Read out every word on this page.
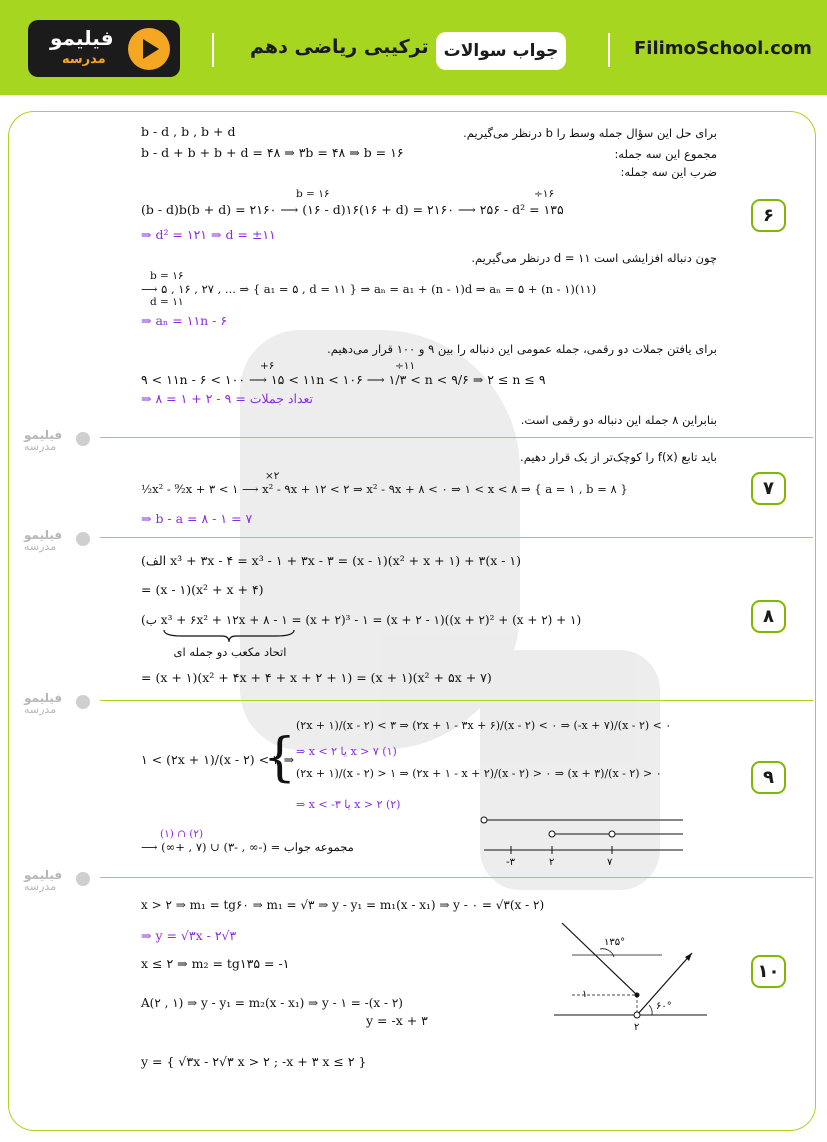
فیلیمو
مدرسه
ترکیبی ریاضی دهم جواب سوالات	FilimoSchool.com
فیلیمو
مدرسه
فیلیمو
مدرسه
فیلیمو
مدرسه
فیلیمو
مدرسه
۶
برای حل این سؤال جمله وسط را b درنظر می‌گیریم.
مجموع این سه جمله:
ضرب این سه جمله:
چون دنباله افزایشی است ۱۱ = d درنظر می‌گیریم.
برای یافتن جملات دو رقمی، جمله عمومی این دنباله را بین ۹ و ۱۰۰ قرار می‌دهیم.
بنابراین ۸ جمله این دنباله دو رقمی است.
b - d , b , b + d
b - d + b + b + d = ۴۸ ⇒ ۳b = ۴۸ ⇒ b = ۱۶
b = ۱۶	÷۱۶
(b - d)b(b + d) = ۲۱۶۰ ⟶ (۱۶ - d)۱۶(۱۶ + d) = ۲۱۶۰ ⟶ ۲۵۶ - d² = ۱۳۵
⇒ d² = ۱۲۱ ⇒ d = ±۱۱
b = ۱۶
d = ۱۱
⟶ ۵ , ۱۶ , ۲۷ , ... ⇒ { a₁ = ۵ , d = ۱۱ } ⇒ aₙ = a₁ + (n - ۱)d ⇒ aₙ = ۵ + (n - ۱)(۱۱)
⇒ aₙ = ۱۱n - ۶
+۶	÷۱۱
۹ < ۱۱n - ۶ < ۱۰۰ ⟶ ۱۵ < ۱۱n < ۱۰۶ ⟶ ۱/۳ < n < ۹/۶ ⇒ ۲ ≤ n ≤ ۹
⇒ تعداد جملات = ۹ - ۲ + ۱ = ۸
۷
باید تابع f(x) را کوچک‌تر از یک قرار دهیم.
×۲
½x² - ⁹⁄₂x + ۳ < ۱ ⟶ x² - ۹x + ۱۲ < ۲ ⇒ x² - ۹x + ۸ < ۰ ⇒ ۱ < x < ۸ ⇒ { a = ۱ , b = ۸ }
⇒ b - a = ۸ - ۱ = ۷
۸
(الف x³ + ۳x - ۴ = x³ - ۱ + ۳x - ۳ = (x - ۱)(x² + x + ۱) + ۳(x - ۱)
= (x - ۱)(x² + x + ۴)
(ب x³ + ۶x² + ۱۲x + ۸ - ۱ = (x + ۲)³ - ۱ = (x + ۲ - ۱)((x + ۲)² + (x + ۲) + ۱)
اتحاد مکعب دو جمله ای
= (x + ۱)(x² + ۴x + ۴ + x + ۲ + ۱) = (x + ۱)(x² + ۵x + ۷)
۹
۱ < (۲x + ۱)/(x - ۲) < ۳ ⇒
{
(۲x + ۱)/(x - ۲) < ۳ ⇒ (۲x + ۱ - ۳x + ۶)/(x - ۲) < ۰ ⇒ (-x + ۷)/(x - ۲) < ۰
⇒ x < ۲ یا x > ۷ (۱)
(۲x + ۱)/(x - ۲) > ۱ ⇒ (۲x + ۱ - x + ۲)/(x - ۲) > ۰ ⇒ (x + ۳)/(x - ۲) > ۰
⇒ x < -۳ یا x > ۲ (۲)
(۱) ∩ (۲)
⟶ مجموعه جواب = (-∞ , -۳) ∪ (۷ , +∞)
-۳	۲	۷
۱۰
x > ۲ ⇒ m₁ = tg۶۰ ⇒ m₁ = √۳ ⇒ y - y₁ = m₁(x - x₁) ⇒ y - ۰ = √۳(x - ۲)
⇒ y = √۳x - ۲√۳
x ≤ ۲ ⇒ m₂ = tg۱۳۵ = -۱
A(۲ , ۱) ⇒ y - y₁ = m₂(x - x₁) ⇒ y - ۱ = -(x - ۲)
y = -x + ۳
y = { √۳x - ۲√۳ x > ۲ ; -x + ۳ x ≤ ۲ }
۱۳۵°
۶۰°
۱
۲
